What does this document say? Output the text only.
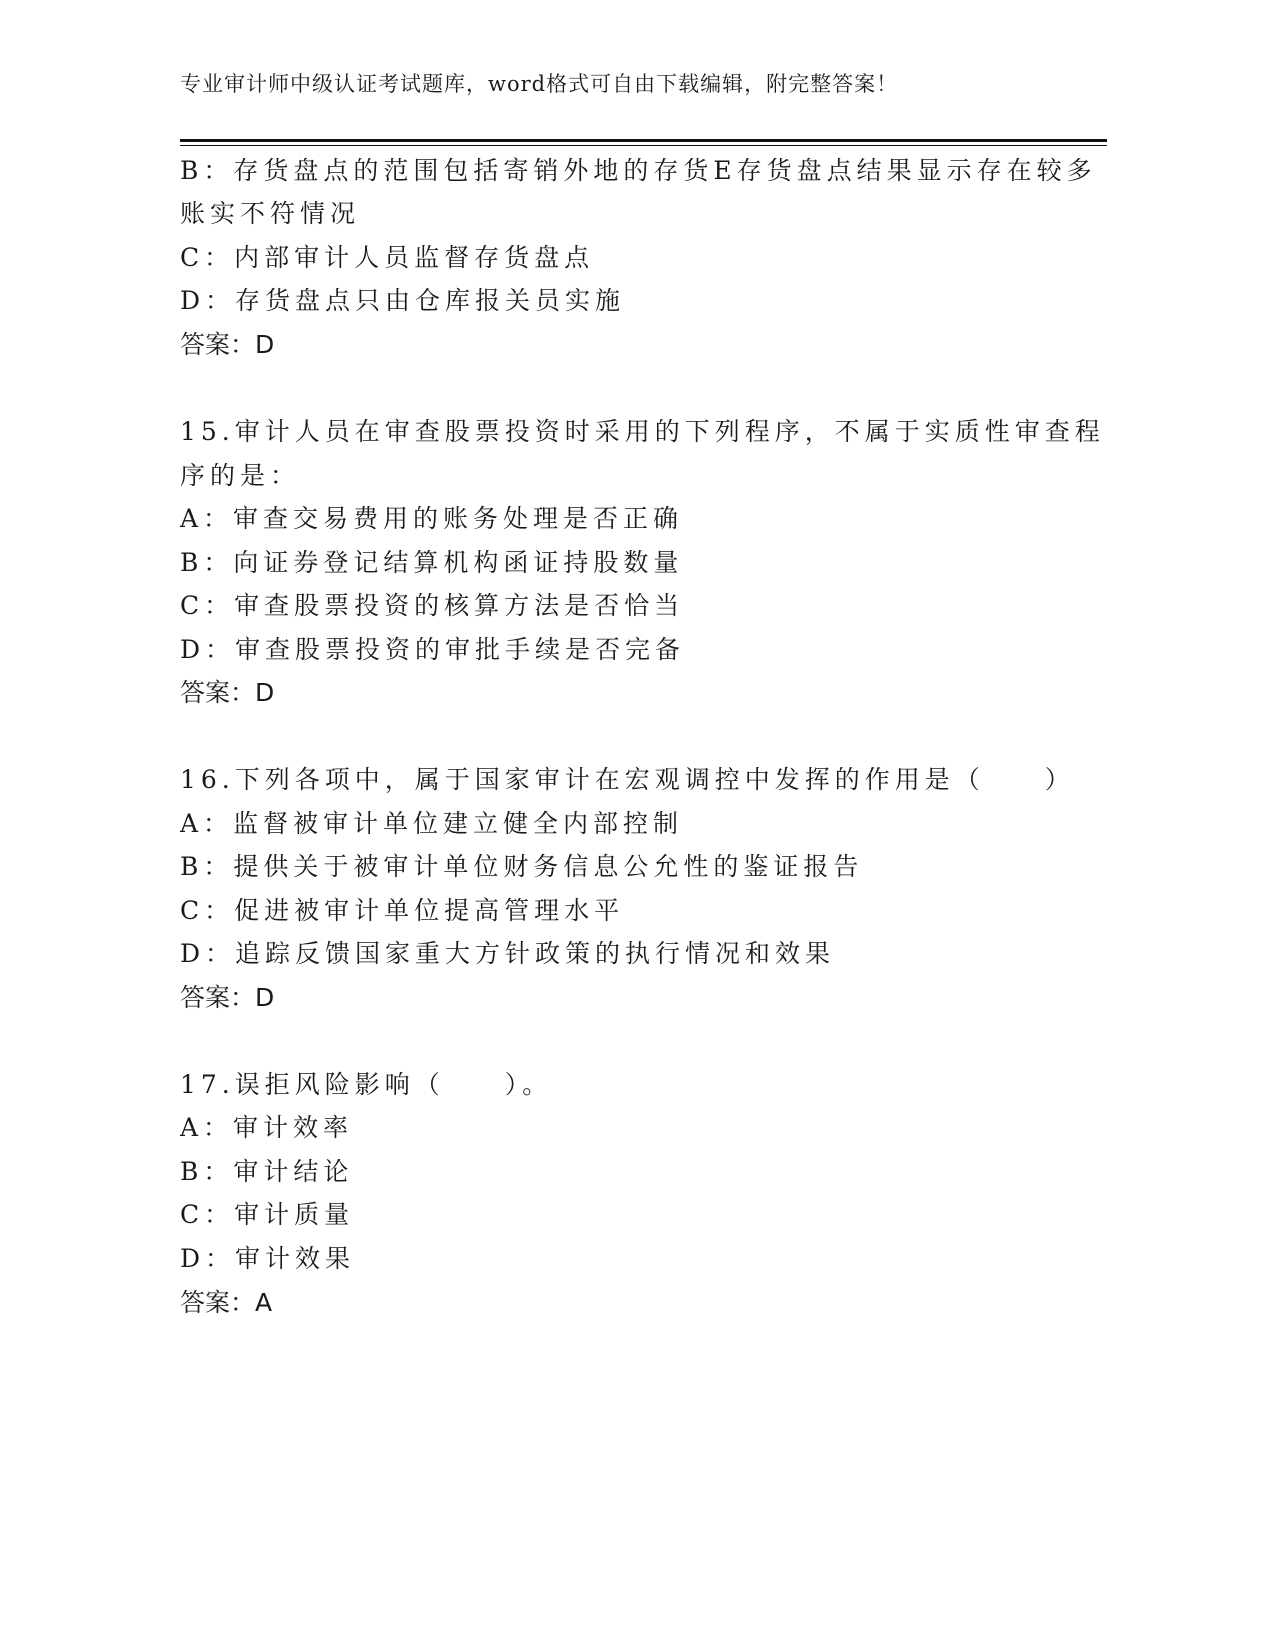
专业审计师中级认证考试题库，word格式可自由下载编辑，附完整答案！
B：存货盘点的范围包括寄销外地的存货E存货盘点结果显示存在较多
账实不符情况
C：内部审计人员监督存货盘点
D：存货盘点只由仓库报关员实施
答案：D
15.审计人员在审查股票投资时采用的下列程序，不属于实质性审查程
序的是：
A：审查交易费用的账务处理是否正确
B：向证券登记结算机构函证持股数量
C：审查股票投资的核算方法是否恰当
D：审查股票投资的审批手续是否完备
答案：D
16.下列各项中，属于国家审计在宏观调控中发挥的作用是（　　）
A：监督被审计单位建立健全内部控制
B：提供关于被审计单位财务信息公允性的鉴证报告
C：促进被审计单位提高管理水平
D：追踪反馈国家重大方针政策的执行情况和效果
答案：D
17.误拒风险影响（　　）。
A：审计效率
B：审计结论
C：审计质量
D：审计效果
答案：A
